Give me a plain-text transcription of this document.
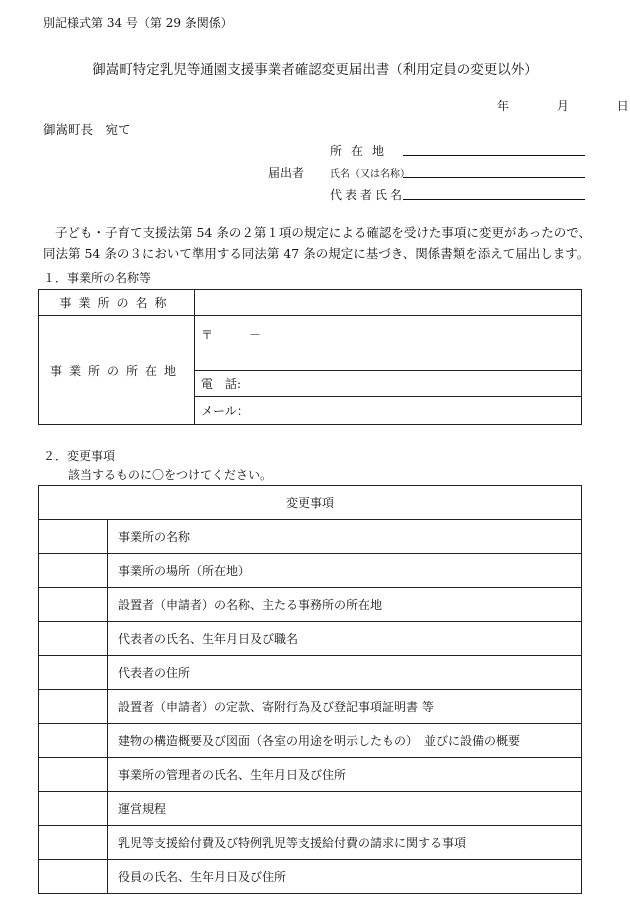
別記様式第 34 号（第 29 条関係）
御嵩町特定乳児等通園支援事業者確認変更届出書（利用定員の変更以外）
年	月	日
御嵩町長　宛て
届出者
所在地
氏名（又は名称）
代表者氏名
子ども・子育て支援法第 54 条の２第１項の規定による確認を受けた事項に変更があったので、同法第 54 条の３において準用する同法第 47 条の規定に基づき、関係書類を添えて届出します。
１．事業所の名称等
事業所の名称	
事業所の所在地	〒　　　－
	電　話:
	メール：
２．変更事項
該当するものに〇をつけてください。
変更事項	
	事業所の名称
	事業所の場所（所在地）
	設置者（申請者）の名称、主たる事務所の所在地
	代表者の氏名、生年月日及び職名
	代表者の住所
	設置者（申請者）の定款、寄附行為及び登記事項証明書 等
	建物の構造概要及び図面（各室の用途を明示したもの）　並びに設備の概要
	事業所の管理者の氏名、生年月日及び住所
	運営規程
	乳児等支援給付費及び特例乳児等支援給付費の請求に関する事項
	役員の氏名、生年月日及び住所
